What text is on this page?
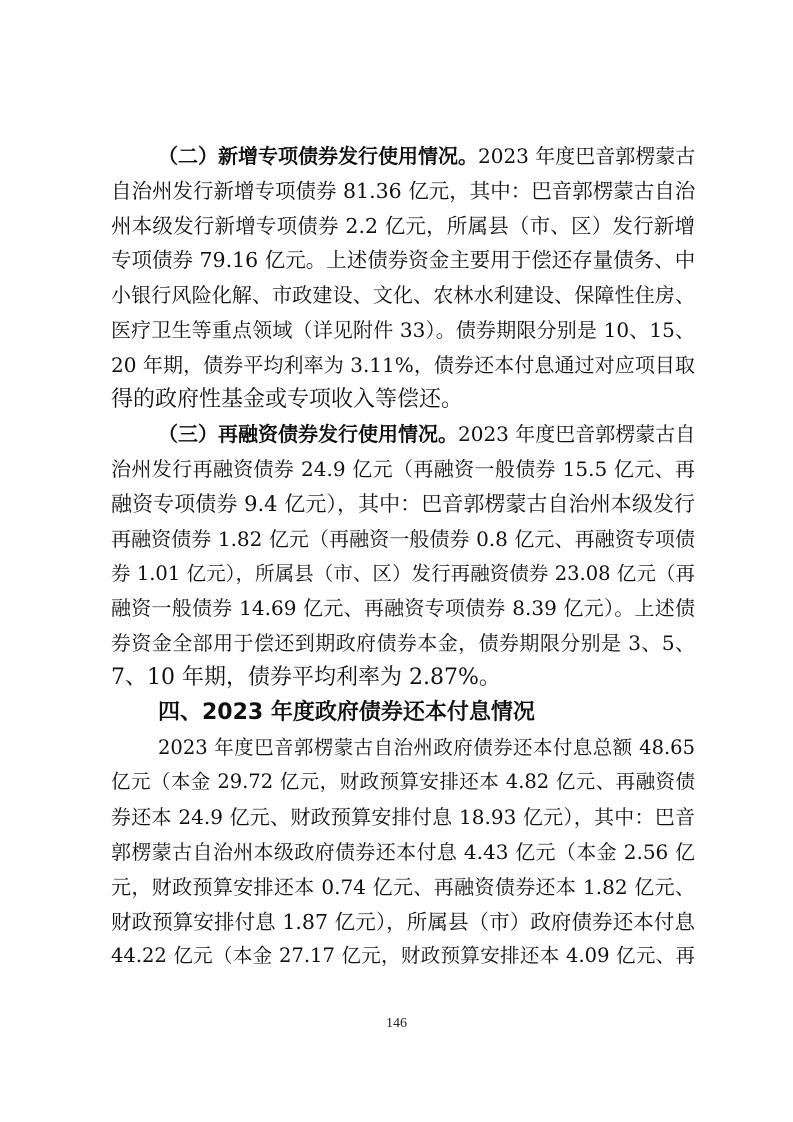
（二）新增专项债券发行使用情况。2023 年度巴音郭楞蒙古
自治州发行新增专项债券 81.36 亿元，其中：巴音郭楞蒙古自治
州本级发行新增专项债券 2.2 亿元，所属县（市、区）发行新增
专项债券 79.16 亿元。上述债券资金主要用于偿还存量债务、中
小银行风险化解、市政建设、文化、农林水利建设、保障性住房、
医疗卫生等重点领域（详见附件 33）。债券期限分别是 10、15、
20 年期，债券平均利率为 3.11%，债券还本付息通过对应项目取
得的政府性基金或专项收入等偿还。
（三）再融资债券发行使用情况。2023 年度巴音郭楞蒙古自
治州发行再融资债券 24.9 亿元（再融资一般债券 15.5 亿元、再
融资专项债券 9.4 亿元），其中：巴音郭楞蒙古自治州本级发行
再融资债券 1.82 亿元（再融资一般债券 0.8 亿元、再融资专项债
券 1.01 亿元），所属县（市、区）发行再融资债券 23.08 亿元（再
融资一般债券 14.69 亿元、再融资专项债券 8.39 亿元）。上述债
券资金全部用于偿还到期政府债券本金，债券期限分别是 3、5、
7、10 年期，债券平均利率为 2.87%。
四、2023 年度政府债券还本付息情况
2023 年度巴音郭楞蒙古自治州政府债券还本付息总额 48.65
亿元（本金 29.72 亿元，财政预算安排还本 4.82 亿元、再融资债
券还本 24.9 亿元、财政预算安排付息 18.93 亿元），其中：巴音
郭楞蒙古自治州本级政府债券还本付息 4.43 亿元（本金 2.56 亿
元，财政预算安排还本 0.74 亿元、再融资债券还本 1.82 亿元、
财政预算安排付息 1.87 亿元），所属县（市）政府债券还本付息
44.22 亿元（本金 27.17 亿元，财政预算安排还本 4.09 亿元、再
146
